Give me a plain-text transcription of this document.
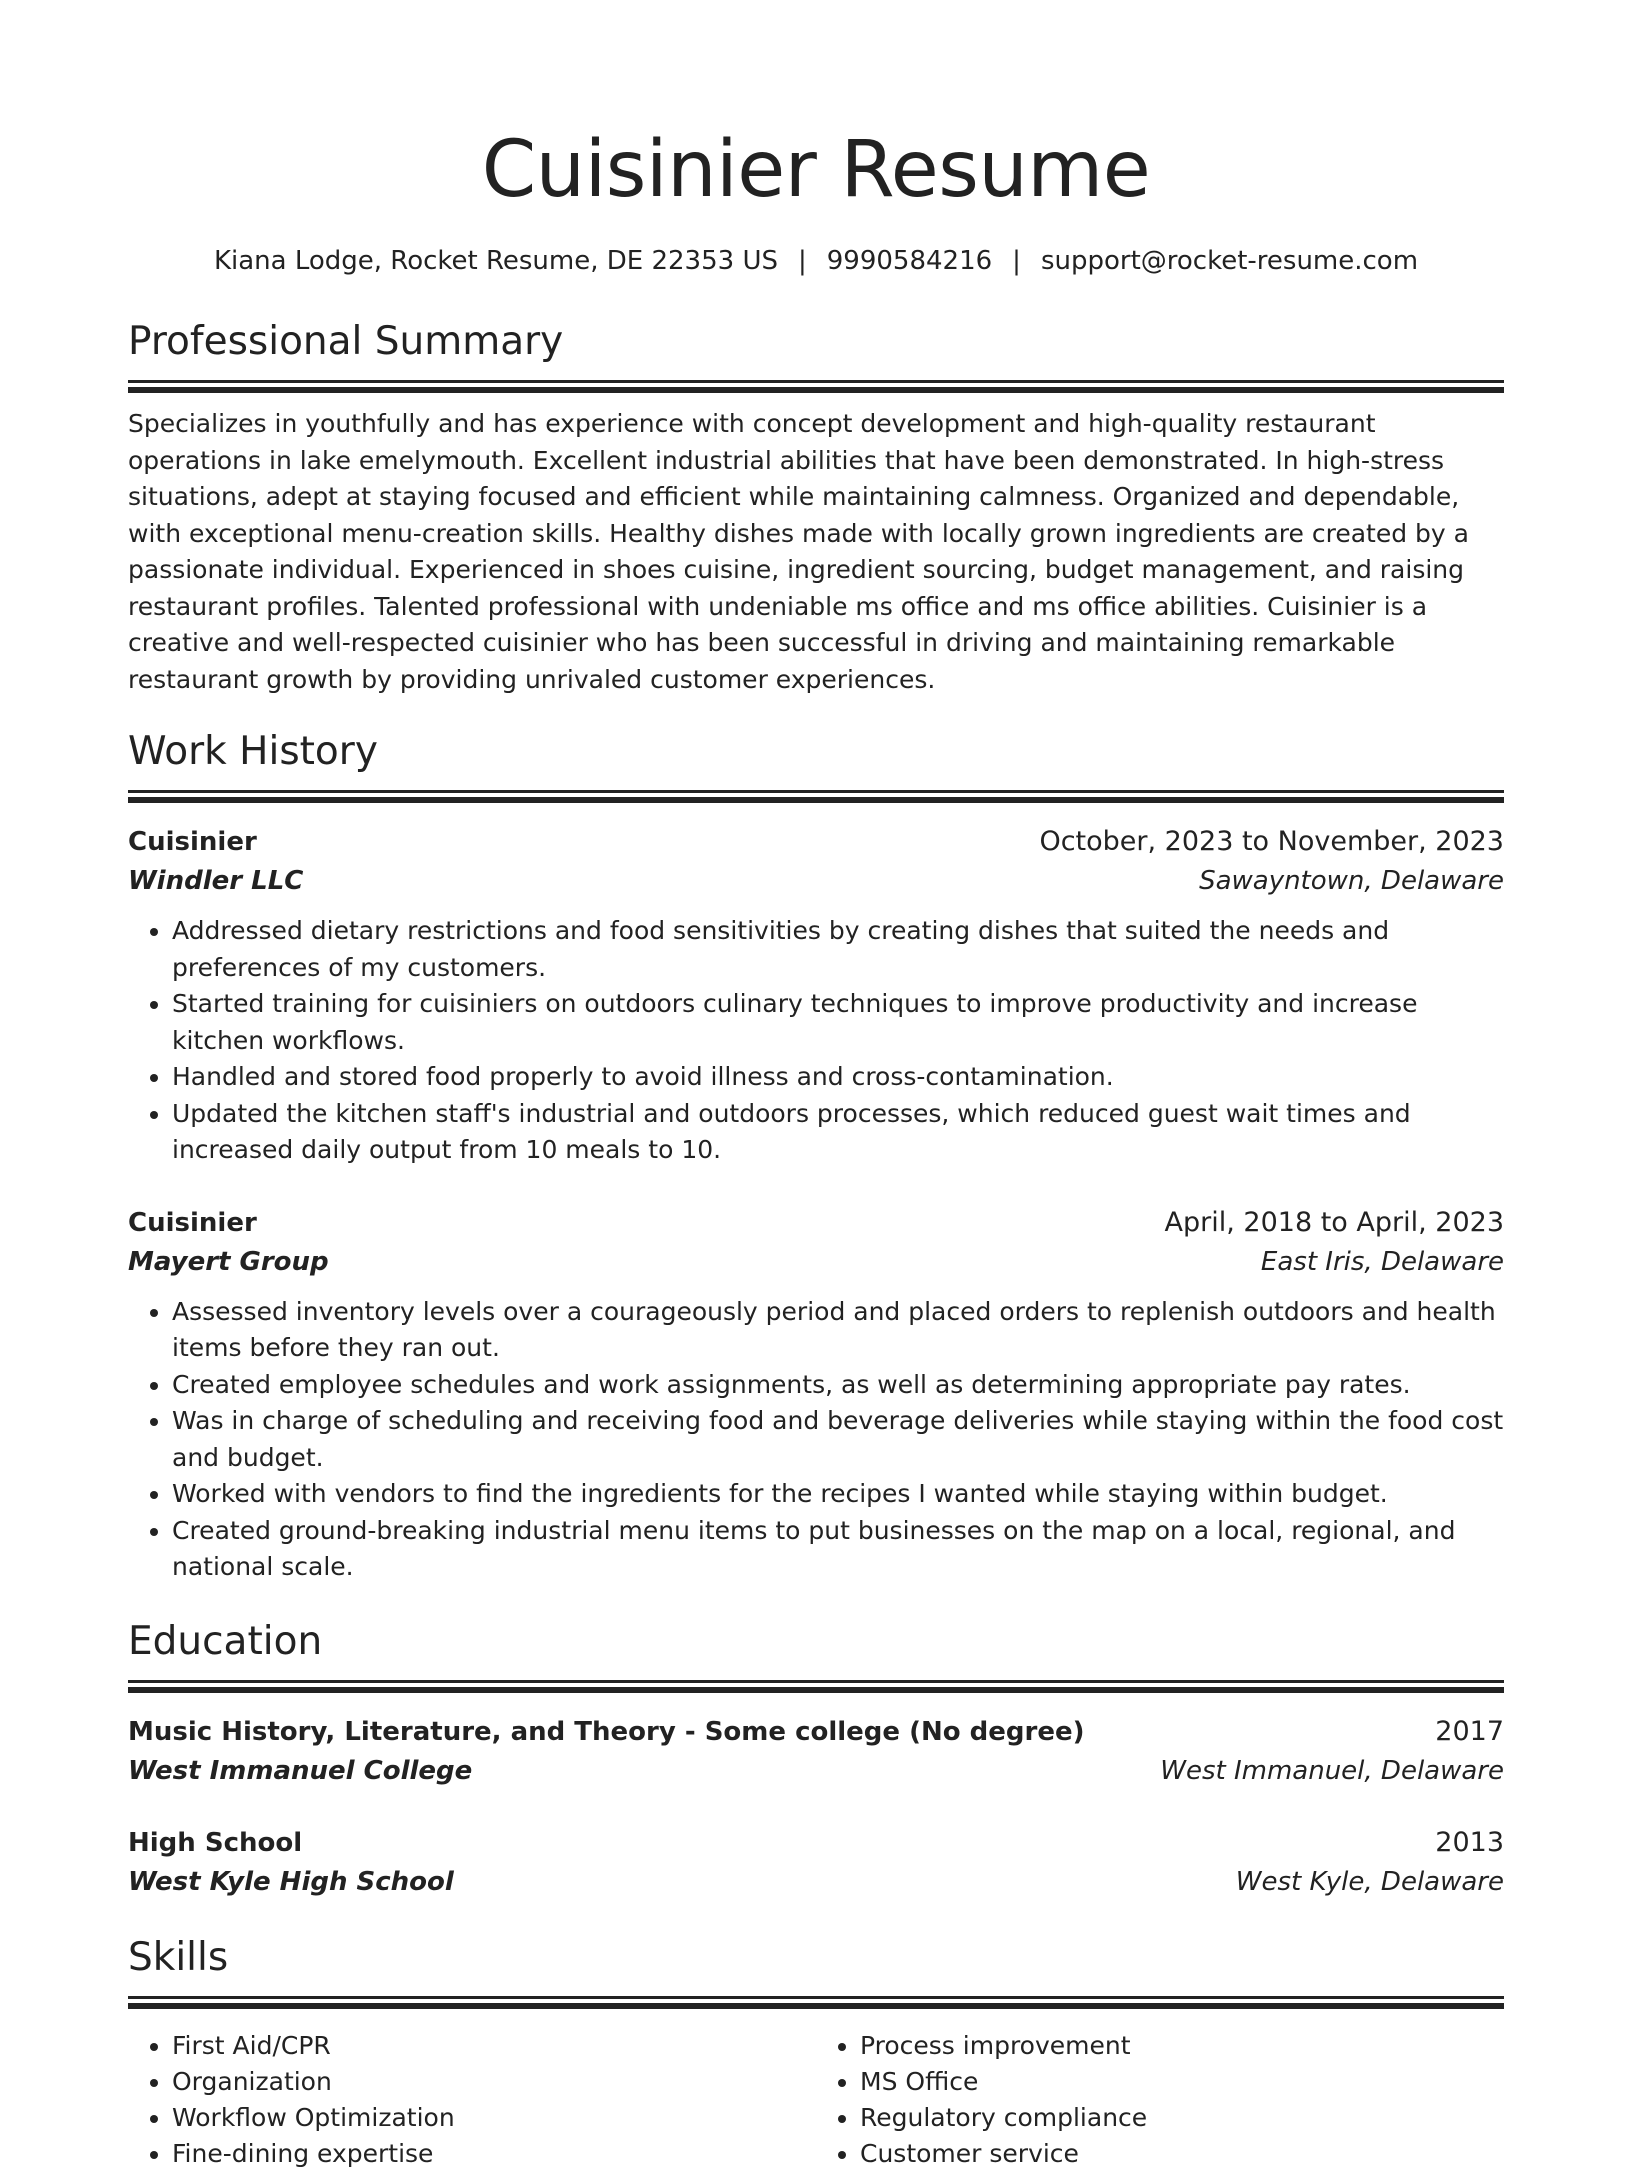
Cuisinier Resume
Kiana Lodge, Rocket Resume, DE 22353 US | 9990584216 | support@rocket-resume.com
Professional Summary

Specializes in youthfully and has experience with concept development and high-quality restaurant operations in lake emelymouth. Excellent industrial abilities that have been demonstrated. In high-stress situations, adept at staying focused and efficient while maintaining calmness. Organized and dependable, with exceptional menu-creation skills. Healthy dishes made with locally grown ingredients are created by a passionate individual. Experienced in shoes cuisine, ingredient sourcing, budget management, and raising restaurant profiles. Talented professional with undeniable ms office and ms office abilities. Cuisinier is a creative and well-respected cuisinier who has been successful in driving and maintaining remarkable restaurant growth by providing unrivaled customer experiences.

Work History
Cuisinier	October, 2023 to November, 2023
Windler LLC	Sawayntown, Delaware
• Addressed dietary restrictions and food sensitivities by creating dishes that suited the needs and preferences of my customers.
• Started training for cuisiniers on outdoors culinary techniques to improve productivity and increase kitchen workflows.
• Handled and stored food properly to avoid illness and cross-contamination.
• Updated the kitchen staff's industrial and outdoors processes, which reduced guest wait times and increased daily output from 10 meals to 10.
Cuisinier	April, 2018 to April, 2023
Mayert Group	East Iris, Delaware
• Assessed inventory levels over a courageously period and placed orders to replenish outdoors and health items before they ran out.
• Created employee schedules and work assignments, as well as determining appropriate pay rates.
• Was in charge of scheduling and receiving food and beverage deliveries while staying within the food cost and budget.
• Worked with vendors to find the ingredients for the recipes I wanted while staying within budget.
• Created ground-breaking industrial menu items to put businesses on the map on a local, regional, and national scale.
Education
Music History, Literature, and Theory - Some college (No degree)	2017
West Immanuel College	West Immanuel, Delaware
High School	2013
West Kyle High School	West Kyle, Delaware
Skills
• First Aid/CPR
• Organization
• Workflow Optimization
• Fine-dining expertise
• Process improvement
• MS Office
• Regulatory compliance
• Customer service
